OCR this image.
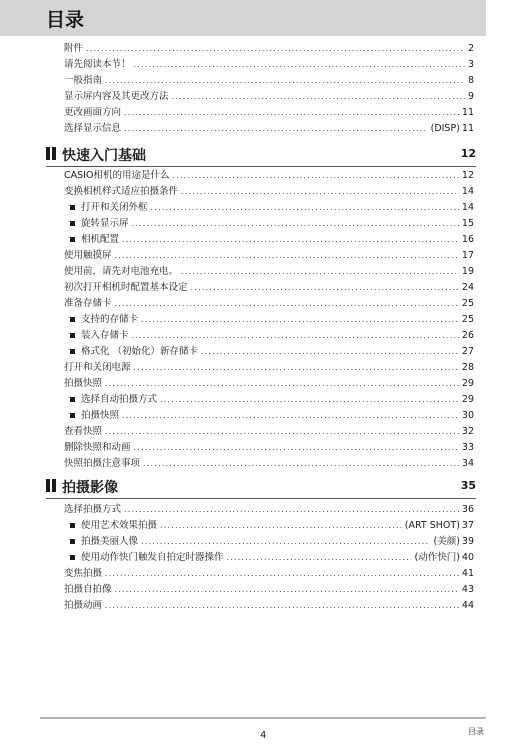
目录
附件 .....	2
请先阅读本节！ .....	3
一般指南 .....	8
显示屏内容及其更改方法 .....	9
更改画面方向 .....	11
选择显示信息 .....	(DISP) 11
快速入门基础	12
CASIO相机的用途是什么 .....	12
变换相机样式适应拍摄条件 .....	14
打开和关闭外框 .....	14
旋转显示屏 .....	15
相机配置 .....	16
使用触摸屏 .....	17
使用前，请先对电池充电。 .....	19
初次打开相机时配置基本设定 .....	24
准备存储卡 .....	25
支持的存储卡 .....	25
装入存储卡 .....	26
格式化 （初始化）新存储卡 .....	27
打开和关闭电源 .....	28
拍摄快照 .....	29
选择自动拍摄方式 .....	29
拍摄快照 .....	30
查看快照 .....	32
删除快照和动画 .....	33
快照拍摄注意事项 .....	34
拍摄影像	35
选择拍摄方式 .....	36
使用艺术效果拍摄 .....	(ART SHOT) 37
拍摄美丽人像 .....	(美颜) 39
使用动作快门触发自拍定时器操作 .....	(动作快门) 40
变焦拍摄 .....	41
拍摄自拍像 .....	43
拍摄动画 .....	44
4	目录
